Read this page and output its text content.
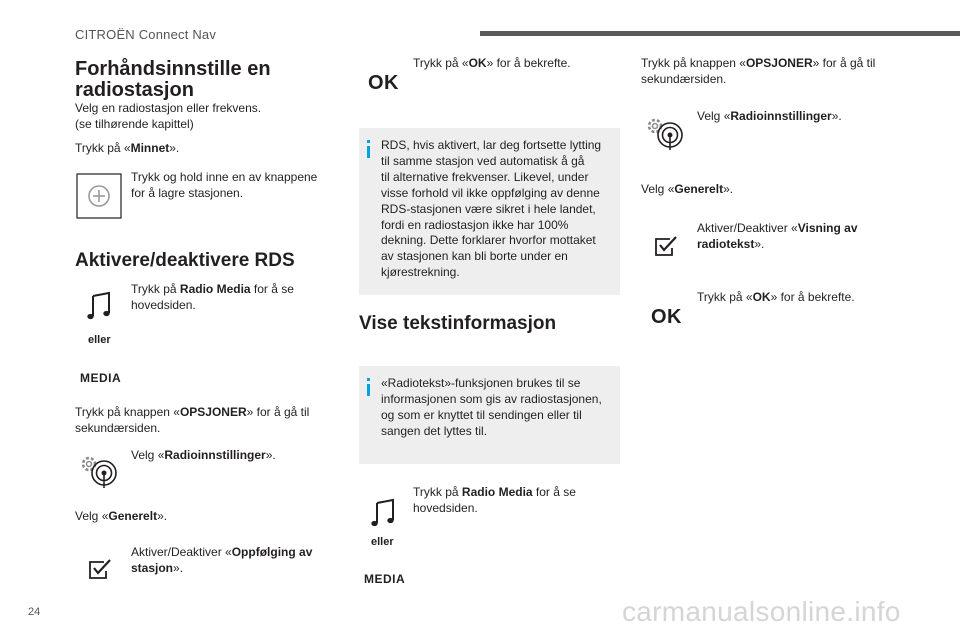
CITROËN Connect Nav
Forhåndsinnstille en
radiostasjon
Velg en radiostasjon eller frekvens.
(se tilhørende kapittel)
Trykk på «Minnet».
Trykk og hold inne en av knappene
for å lagre stasjonen.
Aktivere/deaktivere RDS
Trykk på Radio Media for å se
hovedsiden.
eller
MEDIA
Trykk på knappen «OPSJONER» for å gå til
sekundærsiden.
Velg «Radioinnstillinger».
Velg «Generelt».
Aktiver/Deaktiver «Oppfølging av
stasjon».
OK
Trykk på «OK» for å bekrefte.
RDS, hvis aktivert, lar deg fortsette lytting
til samme stasjon ved automatisk å gå
til alternative frekvenser. Likevel, under
visse forhold vil ikke oppfølging av denne
RDS-stasjonen være sikret i hele landet,
fordi en radiostasjon ikke har 100%
dekning. Dette forklarer hvorfor mottaket
av stasjonen kan bli borte under en
kjørestrekning.
Vise tekstinformasjon
«Radiotekst»-funksjonen brukes til se
informasjonen som gis av radiostasjonen,
og som er knyttet til sendingen eller til
sangen det lyttes til.
Trykk på Radio Media for å se
hovedsiden.
eller
MEDIA
Trykk på knappen «OPSJONER» for å gå til
sekundærsiden.
Velg «Radioinnstillinger».
Velg «Generelt».
Aktiver/Deaktiver «Visning av
radiotekst».
OK
Trykk på «OK» for å bekrefte.
24	carmanualsonline.info
